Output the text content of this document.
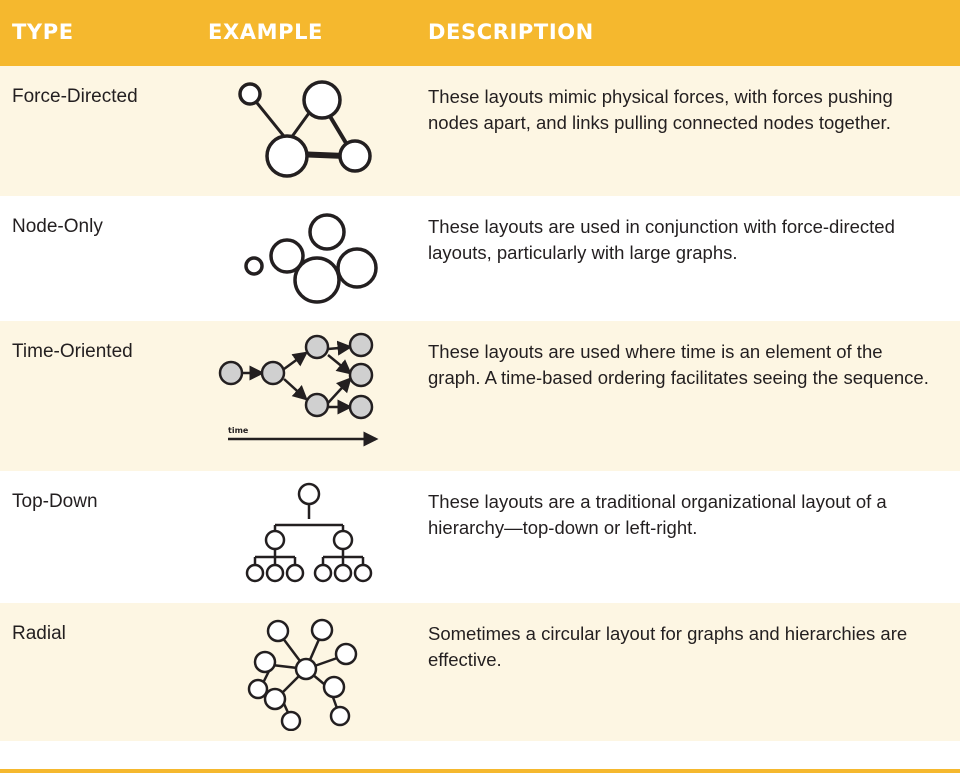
TYPE	EXAMPLE	DESCRIPTION
Force-Directed		These layouts mimic physical forces, with forces pushing nodes apart, and links pulling connected nodes together.

Node-Only		These layouts are used in conjunction with force-directed layouts, particularly with large graphs.

Time-Oriented	time	These layouts are used where time is an element of the graph. A time-based ordering facilitates seeing the sequence.

Top-Down		These layouts are a traditional organizational layout of a hierarchy—top-down or left-right.

Radial		Sometimes a circular layout for graphs and hierarchies are effective.
